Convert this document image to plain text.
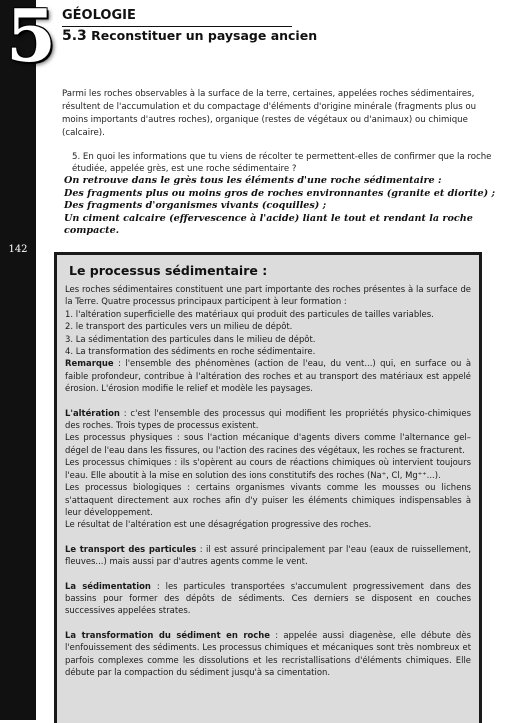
5
142
GÉOLOGIE
5.3 Reconstituer un paysage ancien
Parmi les roches observables à la surface de la terre, certaines, appelées roches sédimentaires, résultent de l'accumulation et du compactage d'éléments d'origine minérale (fragments plus ou moins importants d'autres roches), organique (restes de végétaux ou d'animaux) ou chimique (calcaire).
5. En quoi les informations que tu viens de récolter te permettent-elles de confirmer que la roche
étudiée, appelée grès, est une roche sédimentaire ?
On retrouve dans le grès tous les éléments d'une roche sédimentaire :
Des fragments plus ou moins gros de roches environnantes (granite et diorite) ;
Des fragments d'organismes vivants (coquilles) ;
Un ciment calcaire (effervescence à l'acide) liant le tout et rendant la roche compacte.
Le processus sédimentaire :

Les roches sédimentaires constituent une part importante des roches présentes à la surface de la Terre. Quatre processus principaux participent à leur formation :

1. l'altération superficielle des matériaux qui produit des particules de tailles variables.

2. le transport des particules vers un milieu de dépôt.

3. La sédimentation des particules dans le milieu de dépôt.

4. La transformation des sédiments en roche sédimentaire.

Remarque : l'ensemble des phénomènes (action de l'eau, du vent...) qui, en surface ou à faible profondeur, contribue à l'altération des roches et au transport des matériaux est appelé érosion. L'érosion modifie le relief et modèle les paysages.

L'altération : c'est l'ensemble des processus qui modifient les propriétés physico-chimiques des roches. Trois types de processus existent.

Les processus physiques : sous l'action mécanique d'agents divers comme l'alternance gel–dégel de l'eau dans les fissures, ou l'action des racines des végétaux, les roches se fracturent.

Les processus chimiques : ils s'opèrent au cours de réactions chimiques où intervient toujours l'eau. Elle aboutit à la mise en solution des ions constitutifs des roches (Na⁺, Cl, Mg⁺⁺...).

Les processus biologiques : certains organismes vivants comme les mousses ou lichens s'attaquent directement aux roches afin d'y puiser les éléments chimiques indispensables à leur développement.

Le résultat de l'altération est une désagrégation progressive des roches.

Le transport des particules : il est assuré principalement par l'eau (eaux de ruissellement, fleuves...) mais aussi par d'autres agents comme le vent.

La sédimentation : les particules transportées s'accumulent progressivement dans des bassins pour former des dépôts de sédiments. Ces derniers se disposent en couches successives appelées strates.

La transformation du sédiment en roche : appelée aussi diagenèse, elle débute dès l'enfouissement des sédiments. Les processus chimiques et mécaniques sont très nombreux et parfois complexes comme les dissolutions et les recristallisations d'éléments chimiques. Elle débute par la compaction du sédiment jusqu'à sa cimentation.
